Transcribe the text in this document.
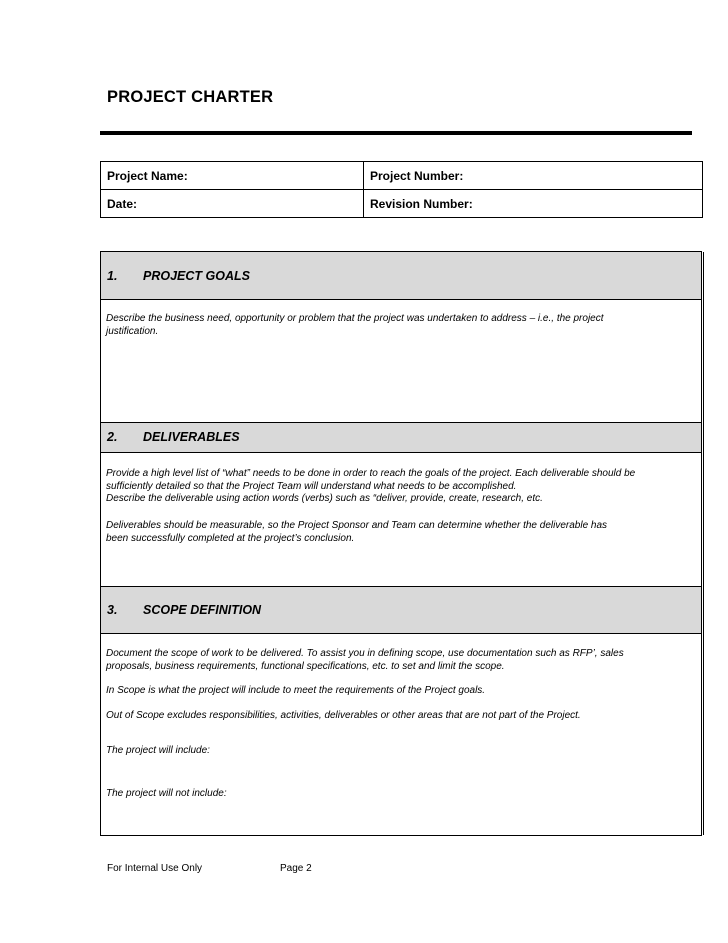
PROJECT CHARTER
Project Name:	Project Number:
Date:	Revision Number:
1. PROJECT GOALS
Describe the business need, opportunity or problem that the project was undertaken to address – i.e., the project justification.
2. DELIVERABLES
Provide a high level list of “what” needs to be done in order to reach the goals of the project. Each deliverable should be sufficiently detailed so that the Project Team will understand what needs to be accomplished.
Describe the deliverable using action words (verbs) such as “deliver, provide, create, research, etc.
Deliverables should be measurable, so the Project Sponsor and Team can determine whether the deliverable has been successfully completed at the project’s conclusion.
3. SCOPE DEFINITION
Document the scope of work to be delivered. To assist you in defining scope, use documentation such as RFP’, sales proposals, business requirements, functional specifications, etc. to set and limit the scope.
In Scope is what the project will include to meet the requirements of the Project goals.
Out of Scope excludes responsibilities, activities, deliverables or other areas that are not part of the Project.
The project will include:
The project will not include:
For Internal Use Only	Page 2
